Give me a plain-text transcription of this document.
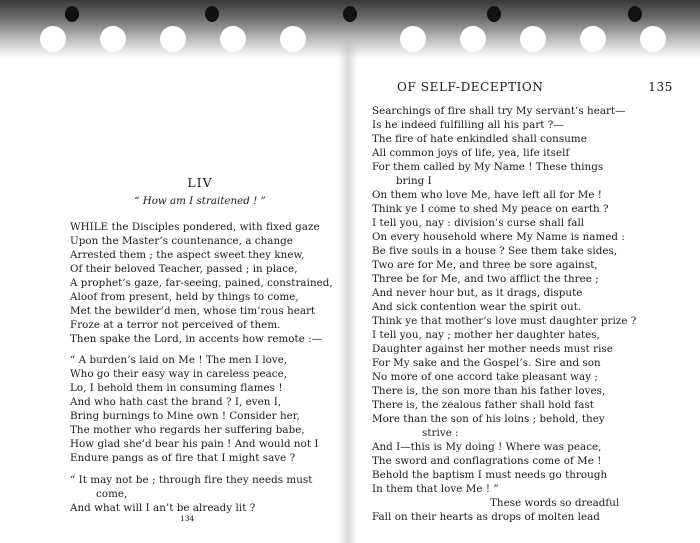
LIV
“ How am I straitened ! ”
WHILE the Disciples pondered, with fixed gaze
Upon the Master’s countenance, a change
Arrested them ; the aspect sweet they knew,
Of their beloved Teacher, passed ; in place,
A prophet’s gaze, far-seeing, pained, constrained,
Aloof from present, held by things to come,
Met the bewilder’d men, whose tim’rous heart
Froze at a terror not perceived of them.
Then spake the Lord, in accents how remote :—
“ A burden’s laid on Me ! The men I love,
Who go their easy way in careless peace,
Lo, I behold them in consuming flames !
And who hath cast the brand ? I, even I,
Bring burnings to Mine own ! Consider her,
The mother who regards her suffering babe,
How glad she’d bear his pain ! And would not I
Endure pangs as of fire that I might save ?
“ It may not be ; through fire they needs must
come,
And what will I an’t be already lit ?
134
OF SELF-DECEPTION	135
Searchings of fire shall try My servant’s heart—
Is he indeed fulfilling all his part ?—
The fire of hate enkindled shall consume
All common joys of life, yea, life itself
For them called by My Name ! These things
bring I
On them who love Me, have left all for Me !
Think ye I come to shed My peace on earth ?
I tell you, nay : division’s curse shall fall
On every household where My Name is named :
Be five souls in a house ? See them take sides,
Two are for Me, and three be sore against,
Three be for Me, and two afflict the three ;
And never hour but, as it drags, dispute
And sick contention wear the spirit out.
Think ye that mother’s love must daughter prize ?
I tell you, nay ; mother her daughter hates,
Daughter against her mother needs must rise
For My sake and the Gospel’s. Sire and son
No more of one accord take pleasant way ;
There is, the son more than his father loves,
There is, the zealous father shall hold fast
More than the son of his loins ; behold, they
strive :
And I—this is My doing ! Where was peace,
The sword and conflagrations come of Me !
Behold the baptism I must needs go through
In them that love Me ! ”
These words so dreadful
Fall on their hearts as drops of molten lead
